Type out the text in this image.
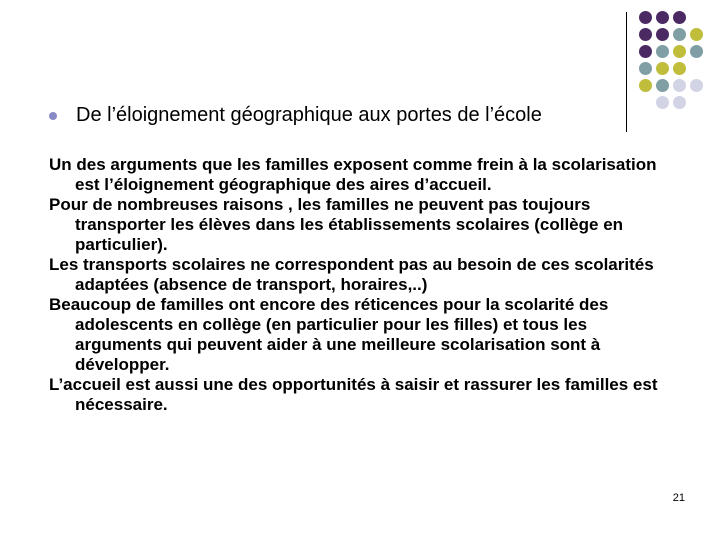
De l’éloignement géographique aux portes de l’école

Un des arguments que les familles exposent comme frein à la scolarisation est l’éloignement géographique des aires d’accueil.

Pour de nombreuses raisons , les familles ne peuvent pas toujours transporter les élèves dans les établissements scolaires (collège en particulier).

Les transports scolaires ne correspondent pas au besoin de ces scolarités adaptées (absence de transport, horaires,..)

Beaucoup de familles ont encore des réticences pour la scolarité des adolescents en collège (en particulier pour les filles) et tous les arguments qui peuvent aider à une meilleure scolarisation sont à développer.

L’accueil est aussi une des opportunités à saisir et rassurer les familles est nécessaire.

21
